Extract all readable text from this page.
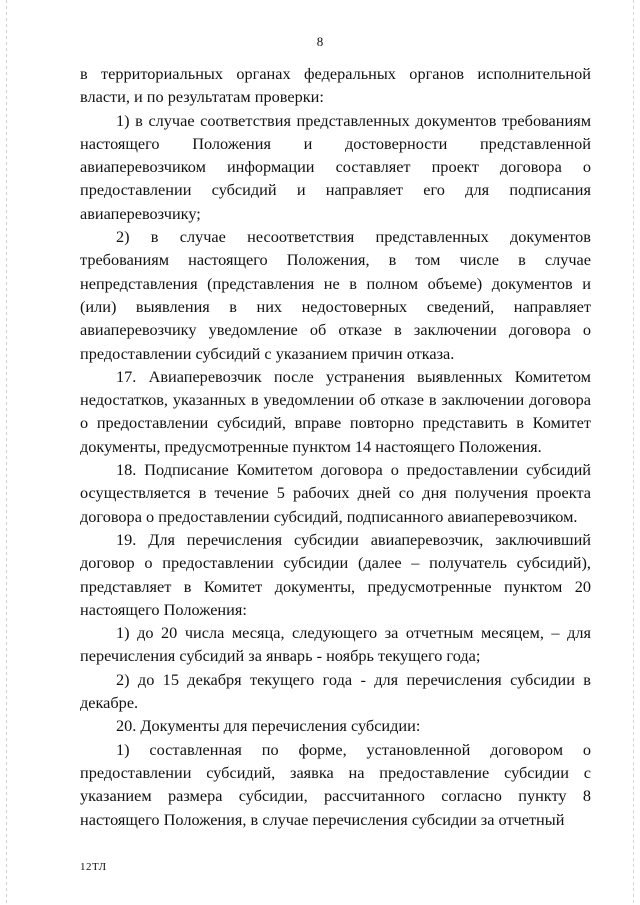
8

в территориальных органах федеральных органов исполнительной власти, и по результатам проверки:

1) в случае соответствия представленных документов требованиям настоящего Положения и достоверности представленной авиаперевозчиком информации составляет проект договора о предоставлении субсидий и направляет его для подписания авиаперевозчику;

2) в случае несоответствия представленных документов требованиям настоящего Положения, в том числе в случае непредставления (представления не в полном объеме) документов и (или) выявления в них недостоверных сведений, направляет авиаперевозчику уведомление об отказе в заключении договора о предоставлении субсидий с указанием причин отказа.

17. Авиаперевозчик после устранения выявленных Комитетом недостатков, указанных в уведомлении об отказе в заключении договора о предоставлении субсидий, вправе повторно представить в Комитет документы, предусмотренные пунктом 14 настоящего Положения.

18. Подписание Комитетом договора о предоставлении субсидий осуществляется в течение 5 рабочих дней со дня получения проекта договора о предоставлении субсидий, подписанного авиаперевозчиком.

19. Для перечисления субсидии авиаперевозчик, заключивший договор о предоставлении субсидии (далее – получатель субсидий), представляет в Комитет документы, предусмотренные пунктом 20 настоящего Положения:

1) до 20 числа месяца, следующего за отчетным месяцем, – для перечисления субсидий за январь - ноябрь текущего года;

2) до 15 декабря текущего года - для перечисления субсидии в декабре.

20. Документы для перечисления субсидии:

1) составленная по форме, установленной договором о предоставлении субсидий, заявка на предоставление субсидии с указанием размера субсидии, рассчитанного согласно пункту 8 настоящего Положения, в случае перечисления субсидии за отчетный

12ТЛ
